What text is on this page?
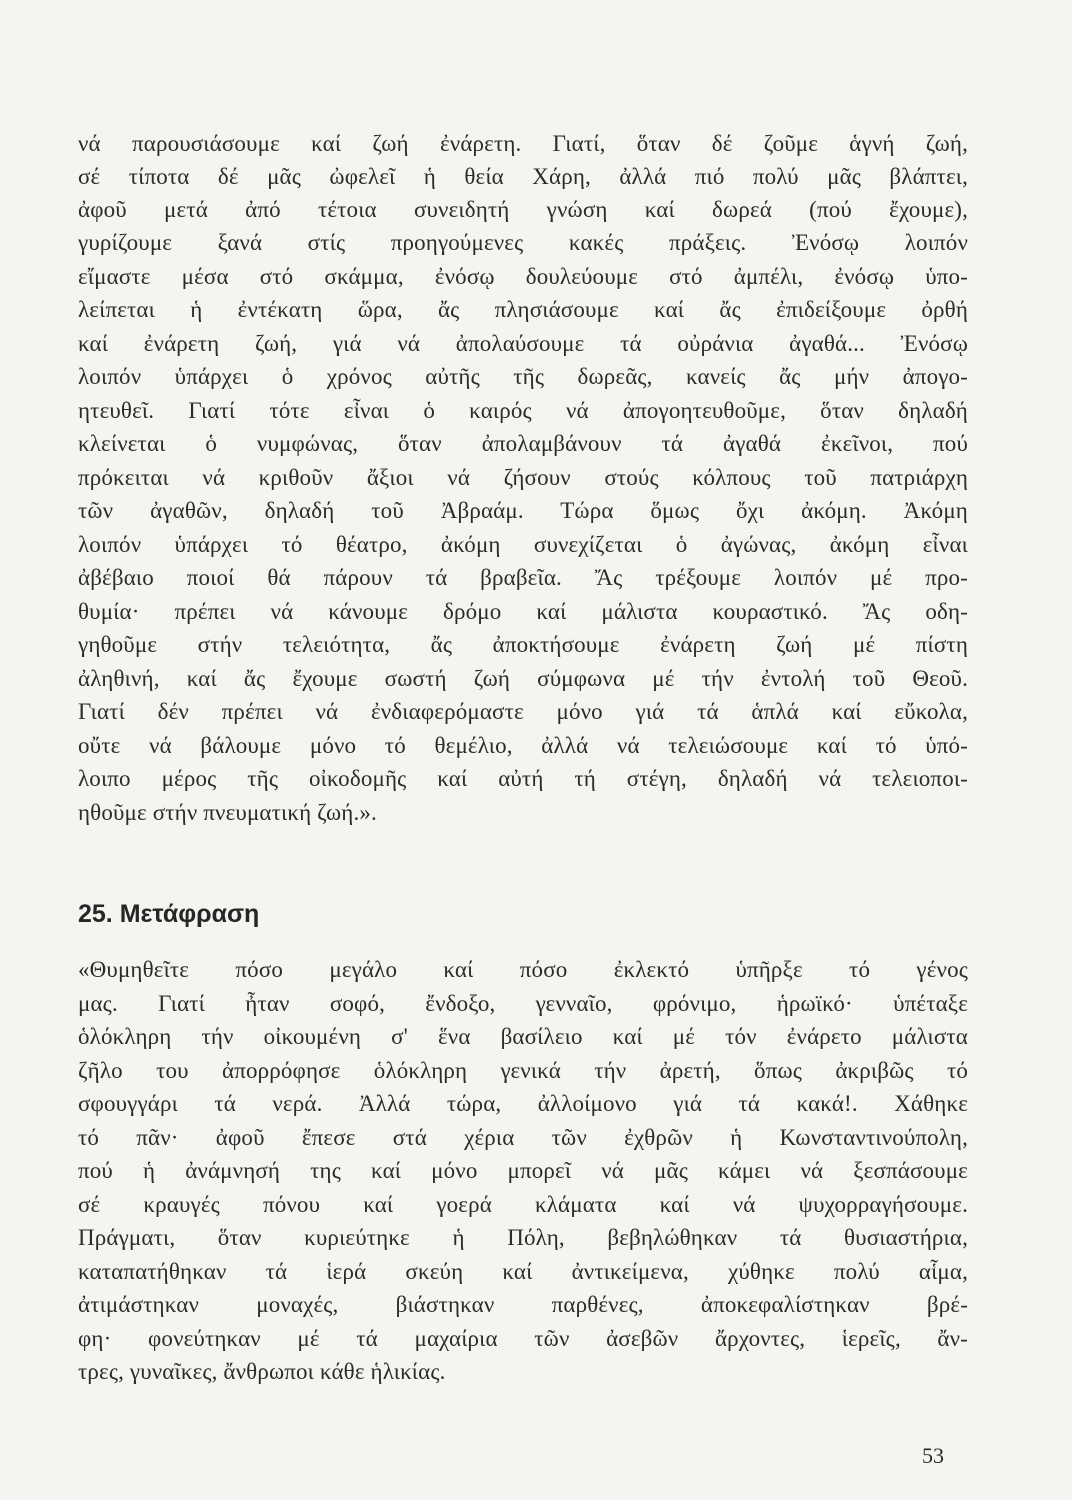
νά παρουσιάσουμε καί ζωή ἐνάρετη. Γιατί, ὅταν δέ ζοῦμε ἁγνή ζωή,
σέ τίποτα δέ μᾶς ὠφελεῖ ἡ θεία Χάρη, ἀλλά πιό πολύ μᾶς βλάπτει,
ἀφοῦ μετά ἀπό τέτοια συνειδητή γνώση καί δωρεά (πού ἔχουμε),
γυρίζουμε ξανά στίς προηγούμενες κακές πράξεις. Ἐνόσῳ λοιπόν
εἴμαστε μέσα στό σκάμμα, ἐνόσῳ δουλεύουμε στό ἀμπέλι, ἐνόσῳ ὑπο-
λείπεται ἡ ἐντέκατη ὥρα, ἄς πλησιάσουμε καί ἄς ἐπιδείξουμε ὀρθή
καί ἐνάρετη ζωή, γιά νά ἀπολαύσουμε τά οὐράνια ἀγαθά... Ἐνόσῳ
λοιπόν ὑπάρχει ὁ χρόνος αὐτῆς τῆς δωρεᾶς, κανείς ἄς μήν ἀπογο-
ητευθεῖ. Γιατί τότε εἶναι ὁ καιρός νά ἀπογοητευθοῦμε, ὅταν δηλαδή
κλείνεται ὁ νυμφώνας, ὅταν ἀπολαμβάνουν τά ἀγαθά ἐκεῖνοι, πού
πρόκειται νά κριθοῦν ἄξιοι νά ζήσουν στούς κόλπους τοῦ πατριάρχη
τῶν ἀγαθῶν, δηλαδή τοῦ Ἀβραάμ. Τώρα ὅμως ὄχι ἀκόμη. Ἀκόμη
λοιπόν ὑπάρχει τό θέατρο, ἀκόμη συνεχίζεται ὁ ἀγώνας, ἀκόμη εἶναι
ἀβέβαιο ποιοί θά πάρουν τά βραβεῖα. Ἄς τρέξουμε λοιπόν μέ προ-
θυμία· πρέπει νά κάνουμε δρόμο καί μάλιστα κουραστικό. Ἄς οδη-
γηθοῦμε στήν τελειότητα, ἄς ἀποκτήσουμε ἐνάρετη ζωή μέ πίστη
ἀληθινή, καί ἄς ἔχουμε σωστή ζωή σύμφωνα μέ τήν ἐντολή τοῦ Θεοῦ.
Γιατί δέν πρέπει νά ἐνδιαφερόμαστε μόνο γιά τά ἁπλά καί εὔκολα,
οὔτε νά βάλουμε μόνο τό θεμέλιο, ἀλλά νά τελειώσουμε καί τό ὑπό-
λοιπο μέρος τῆς οἰκοδομῆς καί αὐτή τή στέγη, δηλαδή νά τελειοποι-
ηθοῦμε στήν πνευματική ζωή.».
25. Μετάφραση
«Θυμηθεῖτε πόσο μεγάλο καί πόσο ἐκλεκτό ὑπῆρξε τό γένος
μας. Γιατί ἦταν σοφό, ἔνδοξο, γενναῖο, φρόνιμο, ἡρωϊκό· ὑπέταξε
ὁλόκληρη τήν οἰκουμένη σ' ἕνα βασίλειο καί μέ τόν ἐνάρετο μάλιστα
ζῆλο του ἀπορρόφησε ὁλόκληρη γενικά τήν ἀρετή, ὅπως ἀκριβῶς τό
σφουγγάρι τά νερά. Ἀλλά τώρα, ἀλλοίμονο γιά τά κακά!. Χάθηκε
τό πᾶν· ἀφοῦ ἔπεσε στά χέρια τῶν ἐχθρῶν ἡ Κωνσταντινούπολη,
πού ἡ ἀνάμνησή της καί μόνο μπορεῖ νά μᾶς κάμει νά ξεσπάσουμε
σέ κραυγές πόνου καί γοερά κλάματα καί νά ψυχορραγήσουμε.
Πράγματι, ὅταν κυριεύτηκε ἡ Πόλη, βεβηλώθηκαν τά θυσιαστήρια,
καταπατήθηκαν τά ἱερά σκεύη καί ἀντικείμενα, χύθηκε πολύ αἷμα,
ἀτιμάστηκαν μοναχές, βιάστηκαν παρθένες, ἀποκεφαλίστηκαν βρέ-
φη· φονεύτηκαν μέ τά μαχαίρια τῶν ἀσεβῶν ἄρχοντες, ἱερεῖς, ἄν-
τρες, γυναῖκες, ἄνθρωποι κάθε ἡλικίας.
53
